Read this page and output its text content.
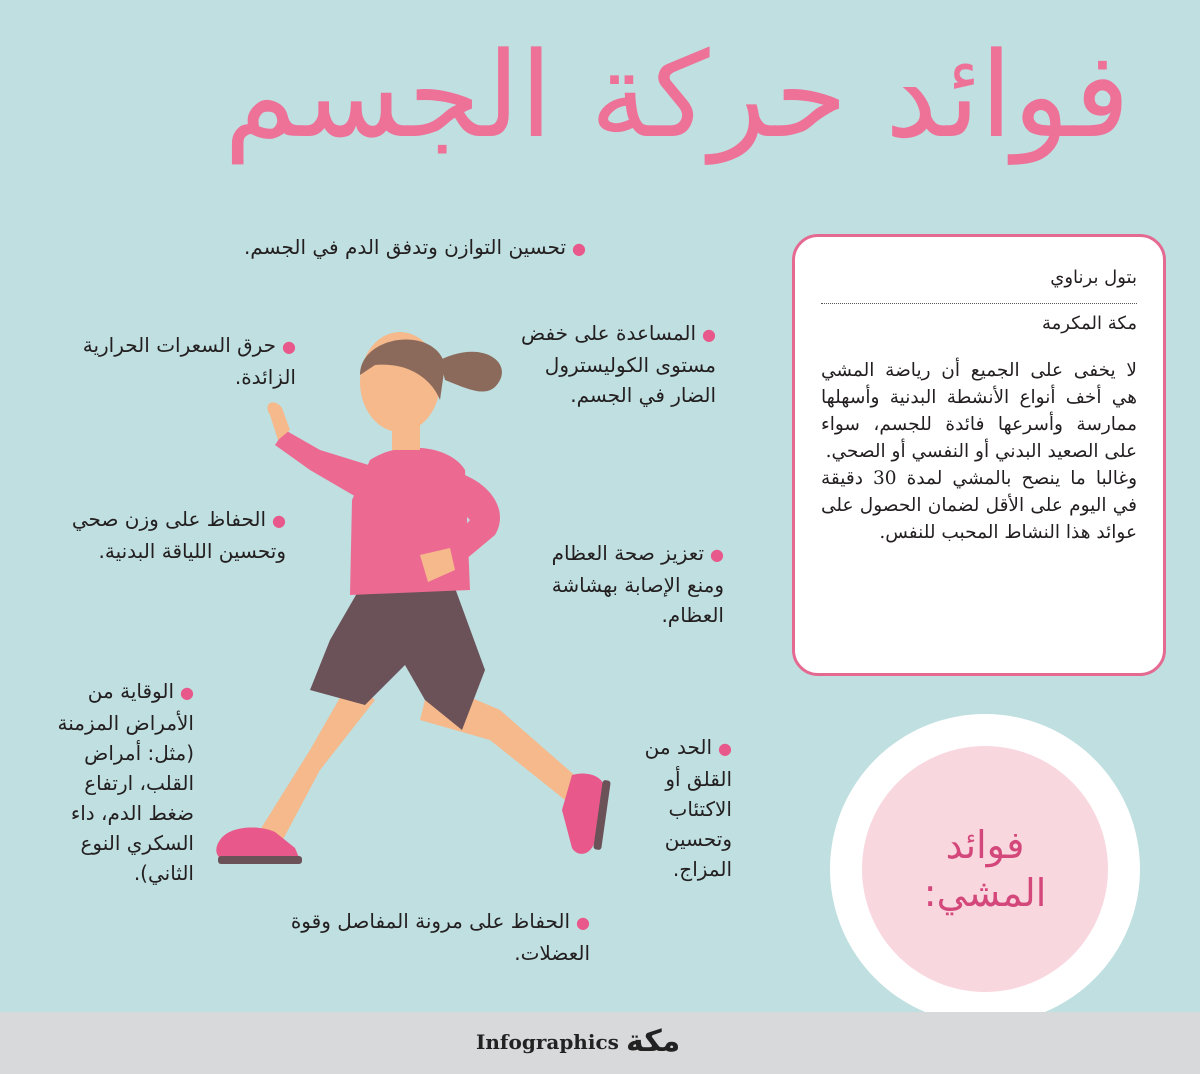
فوائد حركة الجسم
●تحسين التوازن وتدفق الدم في الجسم.
●حرق السعرات الحرارية الزائدة.
●المساعدة على خفض مستوى الكوليسترول الضار في الجسم.
●الحفاظ على وزن صحي وتحسين اللياقة البدنية.	●تعزيز صحة العظام ومنع الإصابة بهشاشة العظام.
●الوقاية من الأمراض المزمنة (مثل: أمراض القلب، ارتفاع ضغط الدم، داء السكري النوع الثاني).
●الحد من القلق أو الاكتئاب وتحسين المزاج.
●الحفاظ على مرونة المفاصل وقوة العضلات.
بتول برناوي
مكة المكرمة

لا يخفى على الجميع أن رياضة المشي هي أخف أنواع الأنشطة البدنية وأسهلها ممارسة وأسرعها فائدة للجسم، سواء على الصعيد البدني أو النفسي أو الصحي.

وغالبا ما ينصح بالمشي لمدة 30 دقيقة في اليوم على الأقل لضمان الحصول على عوائد هذا النشاط المحبب للنفس.

فوائد
المشي:
Infographics مكة
